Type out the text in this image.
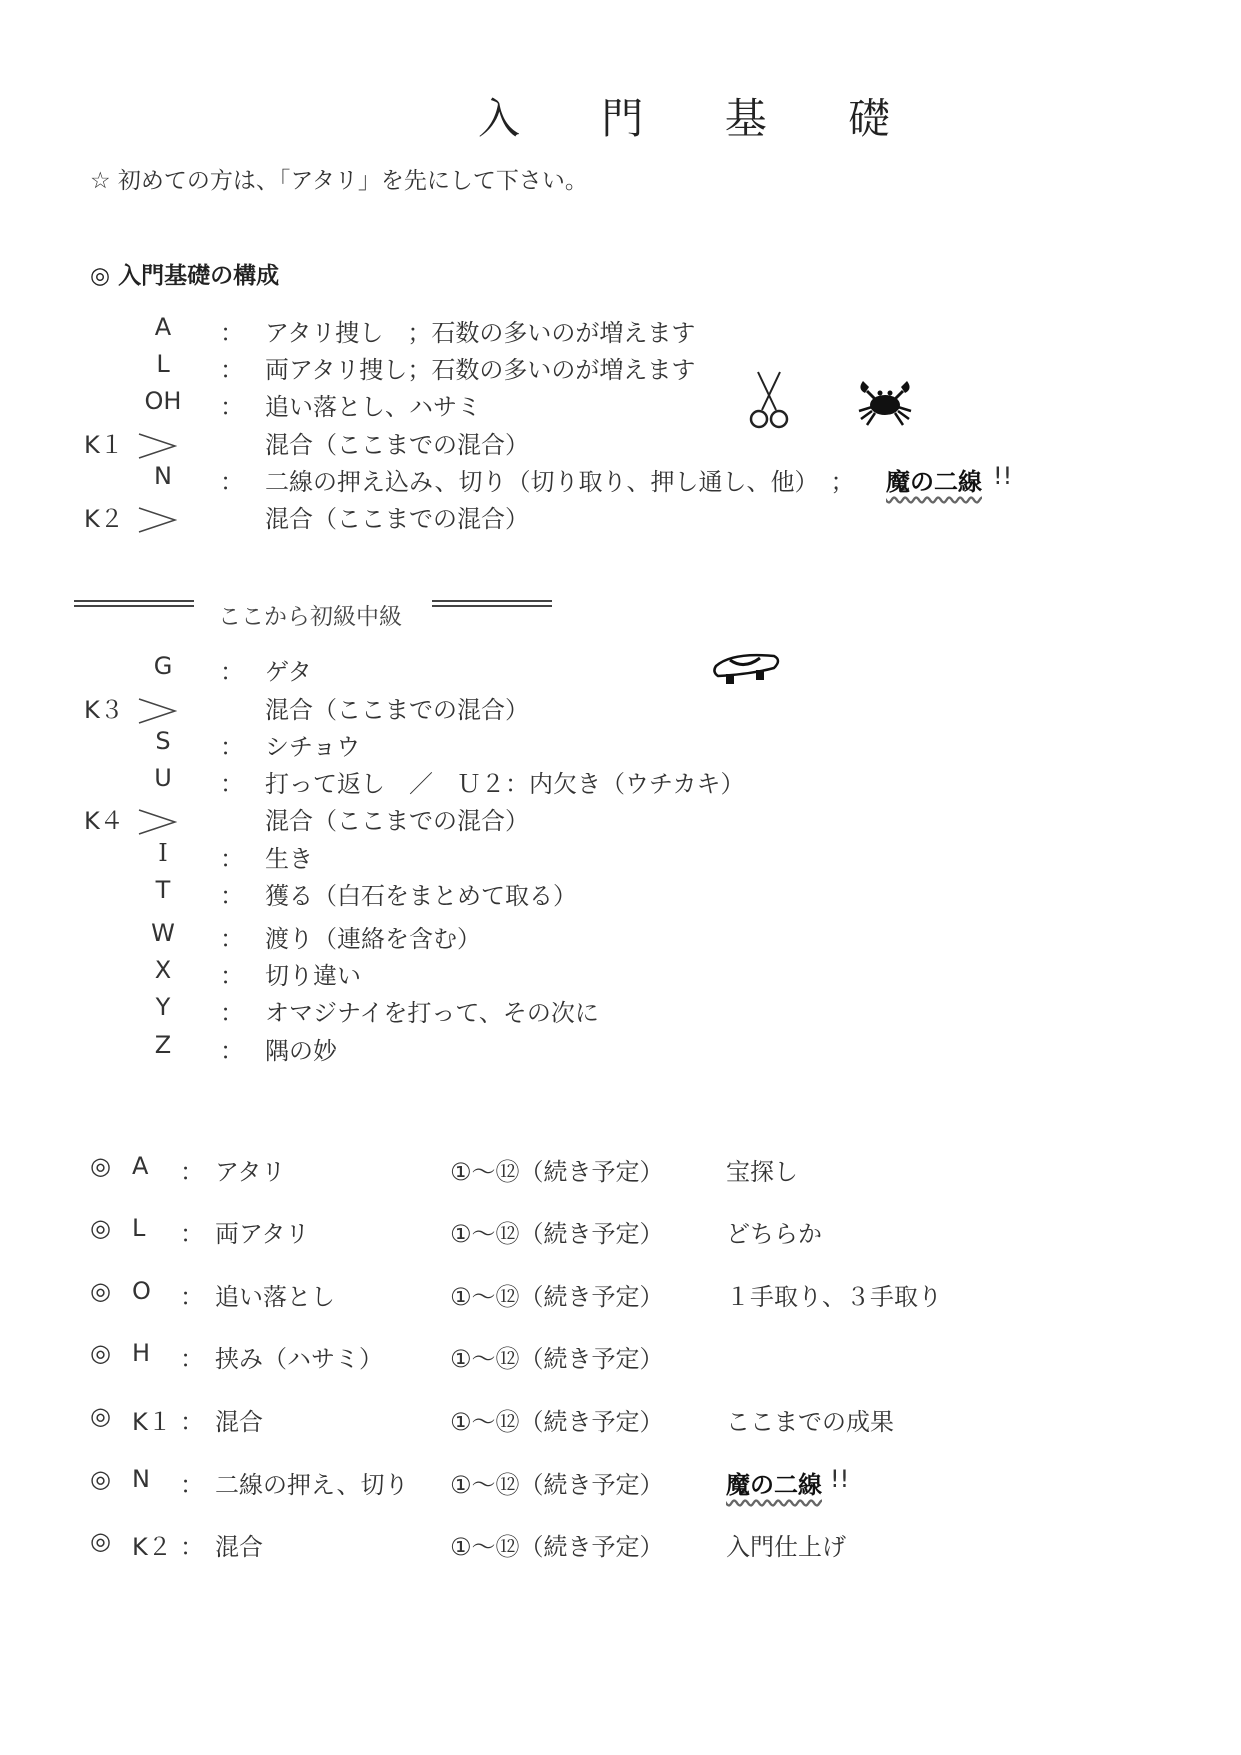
入 門 基 礎
☆ 初めての方は、「アタリ」を先にして下さい。
◎ 入門基礎の構成
A	： アタリ捜し　；石数の多いのが増えます
L	： 両アタリ捜し；石数の多いのが増えます
OH	： 追い落とし、ハサミ
K１	混合（ここまでの混合）
N	： 二線の押え込み、切り（切り取り、押し通し、他）　； 魔の二線 !!
K２	混合（ここまでの混合）
ここから初級中級
G	： ゲタ
K３	混合（ここまでの混合）
S	： シチョウ
U	： 打って返し　／　Ｕ２：内欠き（ウチカキ）
K４	混合（ここまでの混合）
I	： 生き
T	： 獲る（白石をまとめて取る）
W	： 渡り（連絡を含む）
X	： 切り違い
Y	： オマジナイを打って、その次に
Z	： 隅の妙
◎ A ： アタリ	①～⑫（続き予定）	宝探し
◎ L ： 両アタリ	①～⑫（続き予定）	どちらか
◎ O ： 追い落とし	①～⑫（続き予定）	１手取り、３手取り
◎ H ： 挟み（ハサミ）	①～⑫（続き予定）
◎ K１ ： 混合	①～⑫（続き予定）	ここまでの成果
◎ N ： 二線の押え、切り ①～⑫（続き予定）	魔の二線 !!
◎ K２ ： 混合	①～⑫（続き予定）	入門仕上げ
